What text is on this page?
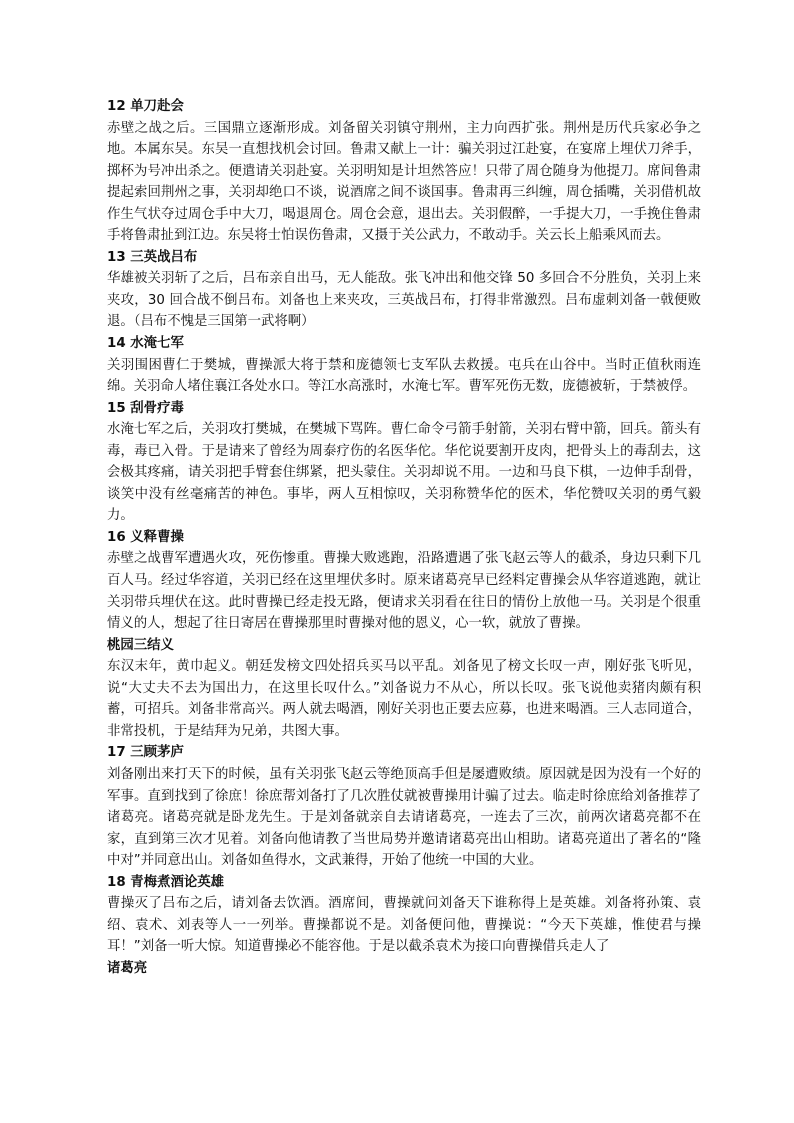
12 单刀赴会

赤壁之战之后。三国鼎立逐渐形成。刘备留关羽镇守荆州，主力向西扩张。荆州是历代兵家必争之地。本属东吴。东吴一直想找机会讨回。鲁肃又献上一计：骗关羽过江赴宴，在宴席上埋伏刀斧手，掷杯为号冲出杀之。便遣请关羽赴宴。关羽明知是计坦然答应！只带了周仓随身为他提刀。席间鲁肃提起索回荆州之事，关羽却绝口不谈，说酒席之间不谈国事。鲁肃再三纠缠，周仓插嘴，关羽借机故作生气状夺过周仓手中大刀，喝退周仓。周仓会意，退出去。关羽假醉，一手提大刀，一手挽住鲁肃手将鲁肃扯到江边。东吴将士怕误伤鲁肃，又摄于关公武力，不敢动手。关云长上船乘风而去。

13 三英战吕布

华雄被关羽斩了之后，吕布亲自出马，无人能敌。张飞冲出和他交锋 50 多回合不分胜负，关羽上来夹攻，30 回合战不倒吕布。刘备也上来夹攻，三英战吕布，打得非常激烈。吕布虚刺刘备一戟便败退。（吕布不愧是三国第一武将啊）

14 水淹七军

关羽围困曹仁于樊城，曹操派大将于禁和庞德领七支军队去救援。屯兵在山谷中。当时正值秋雨连绵。关羽命人堵住襄江各处水口。等江水高涨时，水淹七军。曹军死伤无数，庞德被斩，于禁被俘。

15 刮骨疗毒

水淹七军之后，关羽攻打樊城，在樊城下骂阵。曹仁命令弓箭手射箭，关羽右臂中箭，回兵。箭头有毒，毒已入骨。于是请来了曾经为周泰疗伤的名医华佗。华佗说要割开皮肉，把骨头上的毒刮去，这会极其疼痛，请关羽把手臂套住绑紧，把头蒙住。关羽却说不用。一边和马良下棋，一边伸手刮骨，谈笑中没有丝毫痛苦的神色。事毕，两人互相惊叹，关羽称赞华佗的医术，华佗赞叹关羽的勇气毅力。

16 义释曹操

赤壁之战曹军遭遇火攻，死伤惨重。曹操大败逃跑，沿路遭遇了张飞赵云等人的截杀，身边只剩下几百人马。经过华容道，关羽已经在这里埋伏多时。原来诸葛亮早已经料定曹操会从华容道逃跑，就让关羽带兵埋伏在这。此时曹操已经走投无路，便请求关羽看在往日的情份上放他一马。关羽是个很重情义的人，想起了往日寄居在曹操那里时曹操对他的恩义，心一软，就放了曹操。

桃园三结义

东汉末年，黄巾起义。朝廷发榜文四处招兵买马以平乱。刘备见了榜文长叹一声，刚好张飞听见，说“大丈夫不去为国出力，在这里长叹什么。”刘备说力不从心，所以长叹。张飞说他卖猪肉颇有积蓄，可招兵。刘备非常高兴。两人就去喝酒，刚好关羽也正要去应募，也进来喝酒。三人志同道合，非常投机，于是结拜为兄弟，共图大事。

17 三顾茅庐

刘备刚出来打天下的时候，虽有关羽张飞赵云等绝顶高手但是屡遭败绩。原因就是因为没有一个好的军事。直到找到了徐庶！徐庶帮刘备打了几次胜仗就被曹操用计骗了过去。临走时徐庶给刘备推荐了诸葛亮。诸葛亮就是卧龙先生。于是刘备就亲自去请诸葛亮，一连去了三次，前两次诸葛亮都不在家，直到第三次才见着。刘备向他请教了当世局势并邀请诸葛亮出山相助。诸葛亮道出了著名的“隆中对”并同意出山。刘备如鱼得水，文武兼得，开始了他统一中国的大业。

18 青梅煮酒论英雄

曹操灭了吕布之后，请刘备去饮酒。酒席间，曹操就问刘备天下谁称得上是英雄。刘备将孙策、袁绍、袁术、刘表等人一一列举。曹操都说不是。刘备便问他，曹操说：“今天下英雄，惟使君与操耳！”刘备一听大惊。知道曹操必不能容他。于是以截杀袁术为接口向曹操借兵走人了

诸葛亮
